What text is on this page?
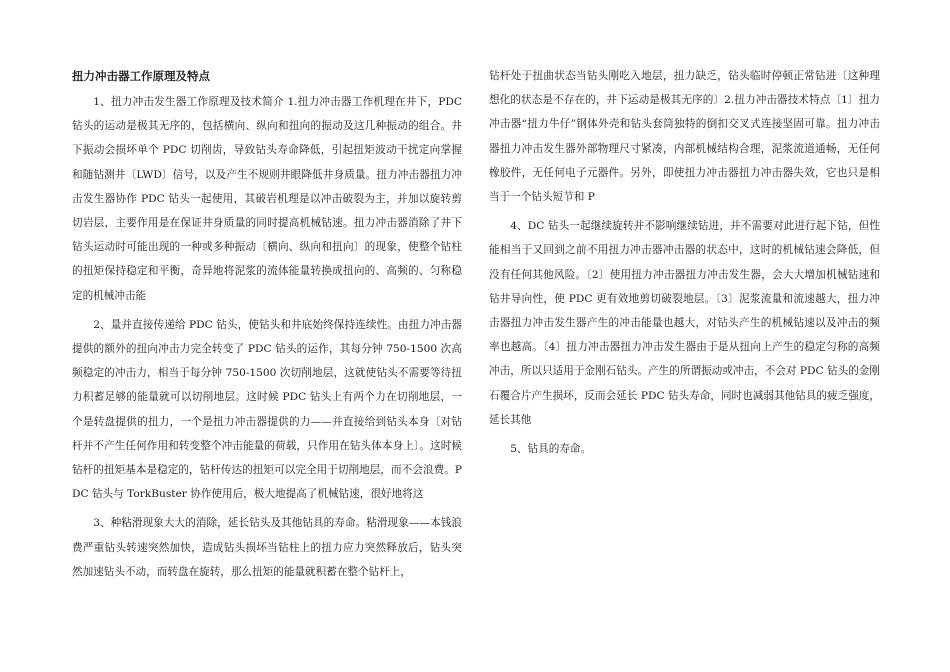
扭力冲击器工作原理及特点

1、扭力冲击发生器工作原理及技术简介 1.扭力冲击器工作机理在井下，PDC 钻头的运动是极其无序的，包括横向、纵向和扭向的振动及这几种振动的组合。井下振动会损坏单个 PDC 切削齿，导致钻头寿命降低，引起扭矩波动干扰定向掌握和随钻测井〔LWD〕信号，以及产生不规则井眼降低井身质量。扭力冲击器扭力冲击发生器协作 PDC 钻头一起使用，其破岩机理是以冲击破裂为主，并加以旋转剪切岩层，主要作用是在保证井身质量的同时提高机械钻速。扭力冲击器消除了井下钻头运动时可能出现的一种或多种振动〔横向、纵向和扭向〕的现象，使整个钻柱的扭矩保持稳定和平衡，奇异地将泥浆的流体能量转换成扭向的、高频的、匀称稳定的机械冲击能

2、量并直接传递给 PDC 钻头，使钻头和井底始终保持连续性。由扭力冲击器提供的额外的扭向冲击力完全转变了 PDC 钻头的运作，其每分钟 750-1500 次高频稳定的冲击力，相当于每分钟 750-1500 次切削地层，这就使钻头不需要等待扭力积蓄足够的能量就可以切削地层。这时候 PDC 钻头上有两个力在切削地层，一个是转盘提供的扭力，一个是扭力冲击器提供的力——并直接给到钻头本身〔对钻杆并不产生任何作用和转变整个冲击能量的荷载，只作用在钻头体本身上〕。这时候钻杆的扭矩基本是稳定的，钻杆传达的扭矩可以完全用于切削地层，而不会浪费。PDC 钻头与 TorkBuster 协作使用后，极大地提高了机械钻速，很好地将这

3、种粘滑现象大大的消除，延长钻头及其他钻具的寿命。粘滑现象——本钱浪费严重钻头转速突然加快，造成钻头损坏当钻柱上的扭力应力突然释放后，钻头突然加速钻头不动，而转盘在旋转，那么扭矩的能量就积蓄在整个钻杆上，

钻杆处于扭曲状态当钻头刚吃入地层，扭力缺乏，钻头临时停顿正常钻进〔这种理想化的状态是不存在的，井下运动是极其无序的〕2.扭力冲击器技术特点〔1〕扭力冲击器“扭力牛仔”钢体外壳和钻头套筒独特的倒扣交叉式连接坚固可靠。扭力冲击器扭力冲击发生器外部物理尺寸紧凑，内部机械结构合理，泥浆流道通畅，无任何橡胶件，无任何电子元器件。另外，即使扭力冲击器扭力冲击器失效，它也只是相当于一个钻头短节和 P

4、DC 钻头一起继续旋转并不影响继续钻进，并不需要对此进行起下钻，但性能相当于又回到之前不用扭力冲击器冲击器的状态中，这时的机械钻速会降低，但没有任何其他风险。〔2〕使用扭力冲击器扭力冲击发生器，会大大增加机械钻速和钻井导向性，使 PDC 更有效地剪切破裂地层。〔3〕泥浆流量和流速越大，扭力冲击器扭力冲击发生器产生的冲击能量也越大，对钻头产生的机械钻速以及冲击的频率也越高。〔4〕扭力冲击器扭力冲击发生器由于是从扭向上产生的稳定匀称的高频冲击，所以只适用于金刚石钻头。产生的所谓振动或冲击，不会对 PDC 钻头的金刚石覆合片产生损坏，反而会延长 PDC 钻头寿命，同时也减弱其他钻具的疲乏强度，延长其他

5、钻具的寿命。
